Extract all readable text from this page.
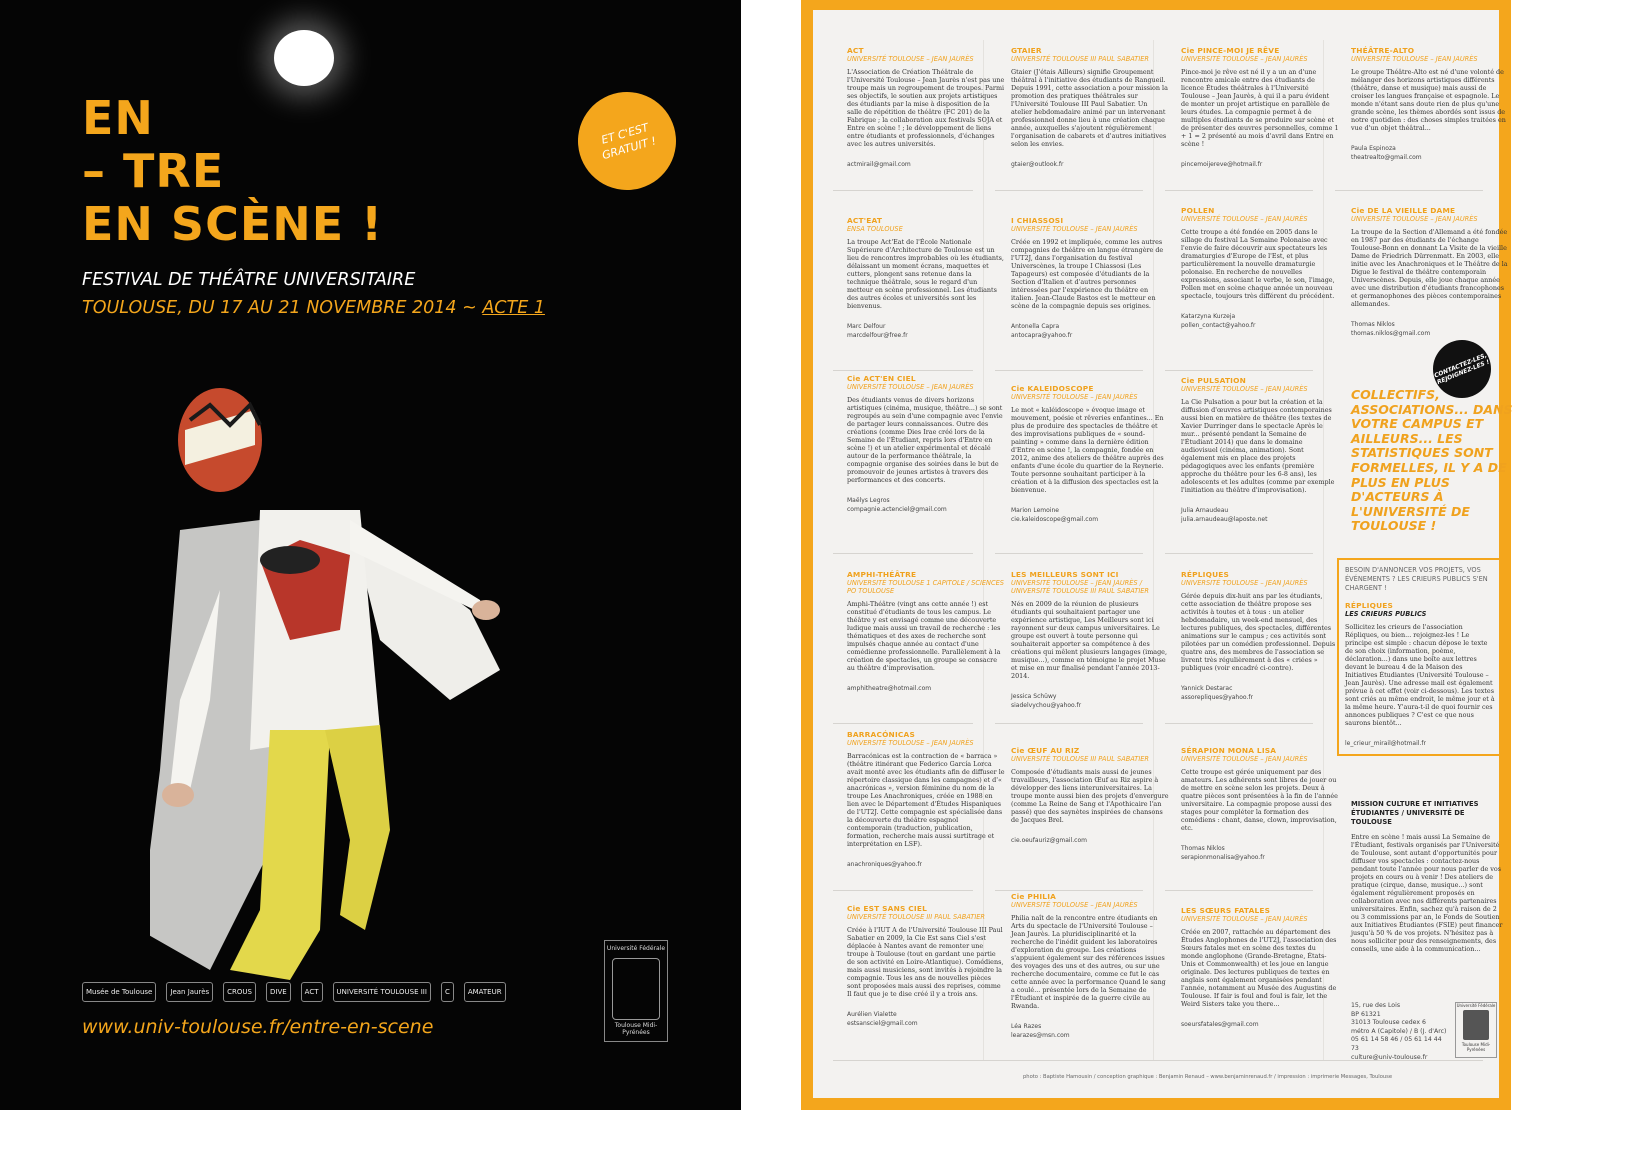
EN
– TRE
EN SCÈNE !
ET C'EST GRATUIT !
FESTIVAL DE THÉÂTRE UNIVERSITAIRE
TOULOUSE, DU 17 AU 21 NOVEMBRE 2014 ~ ACTE 1
Université Fédérale
Toulouse Midi-Pyrénées
Musée de Toulouse	Jean Jaurès	CROUS	DIVE	ACT	UNIVERSITÉ TOULOUSE III	C	AMATEUR
www.univ-toulouse.fr/entre-en-scene
ACT
UNIVERSITÉ TOULOUSE – JEAN JAURÈS

L'Association de Création Théâtrale de l'Université Toulouse – Jean Jaurès n'est pas une troupe mais un regroupement de troupes. Parmi ses objectifs, le soutien aux projets artistiques des étudiants par la mise à disposition de la salle de répétition de théâtre (FC 201) de la Fabrique ; la collaboration aux festivals SOJA et Entre en scène ! ; le développement de liens entre étudiants et professionnels, d'échanges avec les autres universités.

actmirail@gmail.com
ACT'EAT
ENSA TOULOUSE

La troupe Act'Eat de l'École Nationale Supérieure d'Architecture de Toulouse est un lieu de rencontres improbables où les étudiants, délaissant un moment écrans, maquettes et cutters, plongent sans retenue dans la technique théâtrale, sous le regard d'un metteur en scène professionnel. Les étudiants des autres écoles et universités sont les bienvenus.

Marc Delfour
marcdelfour@free.fr
Cie ACT'EN CIEL
UNIVERSITÉ TOULOUSE – JEAN JAURÈS

Des étudiants venus de divers horizons artistiques (cinéma, musique, théâtre...) se sont regroupés au sein d'une compagnie avec l'envie de partager leurs connaissances. Outre des créations (comme Dies Irae créé lors de la Semaine de l'Étudiant, repris lors d'Entre en scène !) et un atelier expérimental et décalé autour de la performance théâtrale, la compagnie organise des soirées dans le but de promouvoir de jeunes artistes à travers des performances et des concerts.

Maëlys Legros
compagnie.actenciel@gmail.com
AMPHI-THÉÂTRE
UNIVERSITÉ TOULOUSE 1 CAPITOLE / SCIENCES PO TOULOUSE

Amphi-Théâtre (vingt ans cette année !) est constitué d'étudiants de tous les campus. Le théâtre y est envisagé comme une découverte ludique mais aussi un travail de recherche : les thématiques et des axes de recherche sont impulsés chaque année au contact d'une comédienne professionnelle. Parallèlement à la création de spectacles, un groupe se consacre au théâtre d'improvisation.

amphitheatre@hotmail.com
BARRACÓNICAS
UNIVERSITÉ TOULOUSE – JEAN JAURÈS

Barracónicas est la contraction de « barraca » (théâtre itinérant que Federico García Lorca avait monté avec les étudiants afin de diffuser le répertoire classique dans les campagnes) et d'« anacrónicas », version féminine du nom de la troupe Les Anachroniques, créée en 1988 en lien avec le Département d'Études Hispaniques de l'UT2J. Cette compagnie est spécialisée dans la découverte du théâtre espagnol contemporain (traduction, publication, formation, recherche mais aussi surtitrage et interprétation en LSF).

anachroniques@yahoo.fr
Cie EST SANS CIEL
UNIVERSITÉ TOULOUSE III PAUL SABATIER

Créée à l'IUT A de l'Université Toulouse III Paul Sabatier en 2009, la Cie Est sans Ciel s'est déplacée à Nantes avant de remonter une troupe à Toulouse (tout en gardant une partie de son activité en Loire-Atlantique). Comédiens, mais aussi musiciens, sont invités à rejoindre la compagnie. Tous les ans de nouvelles pièces sont proposées mais aussi des reprises, comme Il faut que je te dise créé il y a trois ans.

Aurélien Vialette
estsansciel@gmail.com
GTAIER
UNIVERSITÉ TOULOUSE III PAUL SABATIER

Gtaier (J'étais Ailleurs) signifie Groupement théâtral à l'initiative des étudiants de Rangueil. Depuis 1991, cette association a pour mission la promotion des pratiques théâtrales sur l'Université Toulouse III Paul Sabatier. Un atelier hebdomadaire animé par un intervenant professionnel donne lieu à une création chaque année, auxquelles s'ajoutent régulièrement l'organisation de cabarets et d'autres initiatives selon les envies.

gtaier@outlook.fr
I CHIASSOSI
UNIVERSITÉ TOULOUSE – JEAN JAURÈS

Créée en 1992 et impliquée, comme les autres compagnies de théâtre en langue étrangère de l'UT2J, dans l'organisation du festival Universcènes, la troupe I Chiassosi (Les Tapageurs) est composée d'étudiants de la Section d'Italien et d'autres personnes intéressées par l'expérience du théâtre en italien. Jean-Claude Bastos est le metteur en scène de la compagnie depuis ses origines.

Antonella Capra
antocapra@yahoo.fr
Cie KALEIDOSCOPE
UNIVERSITÉ TOULOUSE – JEAN JAURÈS

Le mot « kaléidoscope » évoque image et mouvement, poésie et rêveries enfantines... En plus de produire des spectacles de théâtre et des improvisations publiques de « sound-painting » comme dans la dernière édition d'Entre en scène !, la compagnie, fondée en 2012, anime des ateliers de théâtre auprès des enfants d'une école du quartier de la Reynerie. Toute personne souhaitant participer à la création et à la diffusion des spectacles est la bienvenue.

Marion Lemoine
cie.kaleidoscope@gmail.com
LES MEILLEURS SONT ICI
UNIVERSITÉ TOULOUSE – JEAN JAURÈS / UNIVERSITÉ TOULOUSE III PAUL SABATIER

Nés en 2009 de la réunion de plusieurs étudiants qui souhaitaient partager une expérience artistique, Les Meilleurs sont ici rayonnent sur deux campus universitaires. Le groupe est ouvert à toute personne qui souhaiterait apporter sa compétence à des créations qui mêlent plusieurs langages (image, musique...), comme en témoigne le projet Muse et mise en mur finalisé pendant l'année 2013-2014.

Jessica Schüwy
siadelvychou@yahoo.fr
Cie ŒUF AU RIZ
UNIVERSITÉ TOULOUSE III PAUL SABATIER

Composée d'étudiants mais aussi de jeunes travailleurs, l'association Œuf au Riz aspire à développer des liens interuniversitaires. La troupe monte aussi bien des projets d'envergure (comme La Reine de Sang et l'Apothicaire l'an passé) que des saynètes inspirées de chansons de Jacques Brel.

cie.oeufauriz@gmail.com
Cie PHILIA
UNIVERSITÉ TOULOUSE – JEAN JAURÈS

Philia naît de la rencontre entre étudiants en Arts du spectacle de l'Université Toulouse – Jean Jaurès. La pluridisciplinarité et la recherche de l'inédit guident les laboratoires d'exploration du groupe. Les créations s'appuient également sur des références issues des voyages des uns et des autres, ou sur une recherche documentaire, comme ce fut le cas cette année avec la performance Quand le sang a coulé... présentée lors de la Semaine de l'Étudiant et inspirée de la guerre civile au Rwanda.

Léa Razes
learazes@msn.com
Cie PINCE-MOI JE RÊVE
UNIVERSITÉ TOULOUSE – JEAN JAURÈS

Pince-moi je rêve est né il y a un an d'une rencontre amicale entre des étudiants de licence Études théâtrales à l'Université Toulouse – Jean Jaurès, à qui il a paru évident de monter un projet artistique en parallèle de leurs études. La compagnie permet à de multiples étudiants de se produire sur scène et de présenter des œuvres personnelles, comme 1 + 1 = 2 présenté au mois d'avril dans Entre en scène !

pincemoijereve@hotmail.fr
POLLEN
UNIVERSITÉ TOULOUSE – JEAN JAURÈS

Cette troupe a été fondée en 2005 dans le sillage du festival La Semaine Polonaise avec l'envie de faire découvrir aux spectateurs les dramaturgies d'Europe de l'Est, et plus particulièrement la nouvelle dramaturgie polonaise. En recherche de nouvelles expressions, associant le verbe, le son, l'image, Pollen met en scène chaque année un nouveau spectacle, toujours très différent du précédent.

Katarzyna Kurzeja
pollen_contact@yahoo.fr
Cie PULSATION
UNIVERSITÉ TOULOUSE – JEAN JAURÈS

La Cie Pulsation a pour but la création et la diffusion d'œuvres artistiques contemporaines aussi bien en matière de théâtre (les textes de Xavier Durringer dans le spectacle Après le mur... présenté pendant la Semaine de l'Étudiant 2014) que dans le domaine audiovisuel (cinéma, animation). Sont également mis en place des projets pédagogiques avec les enfants (première approche du théâtre pour les 6-8 ans), les adolescents et les adultes (comme par exemple l'initiation au théâtre d'improvisation).

Julia Arnaudeau
julia.arnaudeau@laposte.net
RÉPLIQUES
UNIVERSITÉ TOULOUSE – JEAN JAURÈS

Gérée depuis dix-huit ans par les étudiants, cette association de théâtre propose ses activités à toutes et à tous : un atelier hebdomadaire, un week-end mensuel, des lectures publiques, des spectacles, différentes animations sur le campus ; ces activités sont pilotées par un comédien professionnel. Depuis quatre ans, des membres de l'association se livrent très régulièrement à des « criées » publiques (voir encadré ci-contre).

Yannick Destarac
assorepliques@yahoo.fr
SÉRAPION MONA LISA
UNIVERSITÉ TOULOUSE – JEAN JAURÈS

Cette troupe est gérée uniquement par des amateurs. Les adhérents sont libres de jouer ou de mettre en scène selon les projets. Deux à quatre pièces sont présentées à la fin de l'année universitaire. La compagnie propose aussi des stages pour compléter la formation des comédiens : chant, danse, clown, improvisation, etc.

Thomas Niklos
serapionmonalisa@yahoo.fr
LES SŒURS FATALES
UNIVERSITÉ TOULOUSE – JEAN JAURÈS

Créée en 2007, rattachée au département des Études Anglophones de l'UT2J, l'association des Sœurs fatales met en scène des textes du monde anglophone (Grande-Bretagne, États-Unis et Commonwealth) et les joue en langue originale. Des lectures publiques de textes en anglais sont également organisées pendant l'année, notamment au Musée des Augustins de Toulouse. If fair is foul and foul is fair, let the Weird Sisters take you there...

soeursfatales@gmail.com
THÉÂTRE-ALTO
UNIVERSITÉ TOULOUSE – JEAN JAURÈS

Le groupe Théâtre-Alto est né d'une volonté de mélanger des horizons artistiques différents (théâtre, danse et musique) mais aussi de croiser les langues française et espagnole. Le monde n'étant sans doute rien de plus qu'une grande scène, les thèmes abordés sont issus de notre quotidien : des choses simples traitées en vue d'un objet théâtral...

Paula Espinoza
theatrealto@gmail.com
Cie DE LA VIEILLE DAME
UNIVERSITÉ TOULOUSE – JEAN JAURÈS

La troupe de la Section d'Allemand a été fondée en 1987 par des étudiants de l'échange Toulouse-Bonn en donnant La Visite de la vieille Dame de Friedrich Dürrenmatt. En 2003, elle initie avec les Anachroniques et le Théâtre de la Digue le festival de théâtre contemporain Universcènes. Depuis, elle joue chaque année avec une distribution d'étudiants francophones et germanophones des pièces contemporaines allemandes.

Thomas Niklos
thomas.niklos@gmail.com
CONTACTEZ-LES, REJOIGNEZ-LES !
COLLECTIFS, ASSOCIATIONS... DANS VOTRE CAMPUS ET AILLEURS... LES STATISTIQUES SONT FORMELLES, IL Y A DE PLUS EN PLUS D'ACTEURS À L'UNIVERSITÉ DE TOULOUSE !
BESOIN D'ANNONCER VOS PROJETS, VOS ÉVÉNEMENTS ? LES CRIEURS PUBLICS S'EN CHARGENT !
RÉPLIQUES
LES CRIEURS PUBLICS

Sollicitez les crieurs de l'association Répliques, ou bien... rejoignez-les ! Le principe est simple : chacun dépose le texte de son choix (information, poème, déclaration...) dans une boîte aux lettres devant le bureau 4 de la Maison des Initiatives Étudiantes (Université Toulouse – Jean Jaurès). Une adresse mail est également prévue à cet effet (voir ci-dessous). Les textes sont criés au même endroit, le même jour et à la même heure. Y'aura-t-il de quoi fournir ces annonces publiques ? C'est ce que nous saurons bientôt...

le_crieur_mirail@hotmail.fr
MISSION CULTURE ET INITIATIVES ÉTUDIANTES / UNIVERSITÉ DE TOULOUSE

Entre en scène ! mais aussi La Semaine de l'Étudiant, festivals organisés par l'Université de Toulouse, sont autant d'opportunités pour diffuser vos spectacles : contactez-nous pendant toute l'année pour nous parler de vos projets en cours ou à venir ! Des ateliers de pratique (cirque, danse, musique...) sont également régulièrement proposés en collaboration avec nos différents partenaires universitaires. Enfin, sachez qu'à raison de 2 ou 3 commissions par an, le Fonds de Soutien aux Initiatives Étudiantes (FSIE) peut financer jusqu'à 50 % de vos projets. N'hésitez pas à nous solliciter pour des renseignements, des conseils, une aide à la communication...

15, rue des Lois
BP 61321
31013 Toulouse cedex 6
métro A (Capitole) / B (J. d'Arc)
05 61 14 58 46 / 05 61 14 44 73
culture@univ-toulouse.fr
Université Fédérale
Toulouse Midi-Pyrénées
photo : Baptiste Hamousin / conception graphique : Benjamin Renaud – www.benjaminrenaud.fr / impression : imprimerie Messages, Toulouse
